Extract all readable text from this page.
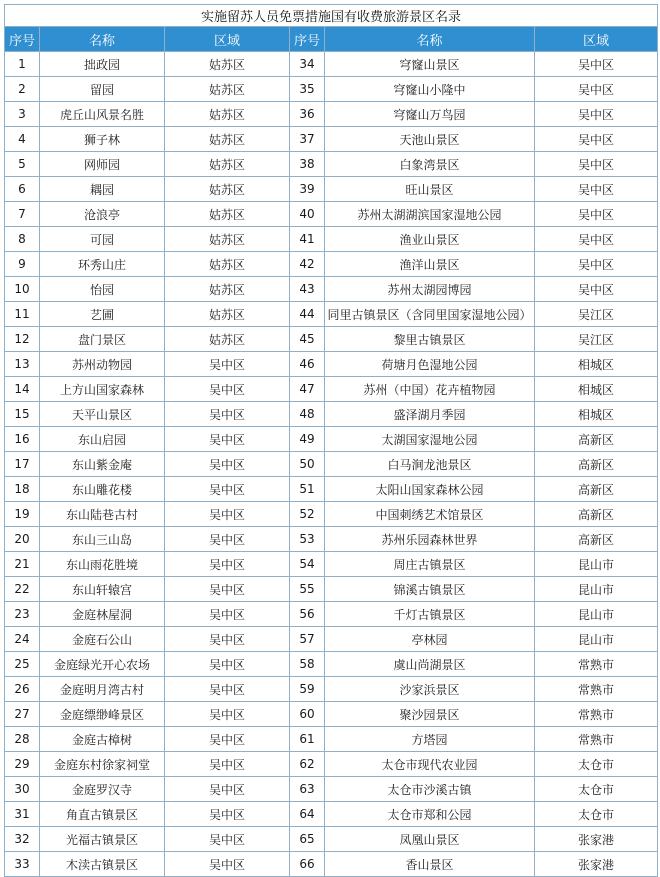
实施留苏人员免票措施国有收费旅游景区名录					
序号	名称	区域	序号	名称	区域
1	拙政园	姑苏区	34	穹窿山景区	吴中区
2	留园	姑苏区	35	穹窿山小隆中	吴中区
3	虎丘山风景名胜	姑苏区	36	穹窿山万鸟园	吴中区
4	狮子林	姑苏区	37	天池山景区	吴中区
5	网师园	姑苏区	38	白象湾景区	吴中区
6	耦园	姑苏区	39	旺山景区	吴中区
7	沧浪亭	姑苏区	40	苏州太湖湖滨国家湿地公园	吴中区
8	可园	姑苏区	41	渔业山景区	吴中区
9	环秀山庄	姑苏区	42	渔洋山景区	吴中区
10	怡园	姑苏区	43	苏州太湖园博园	吴中区
11	艺圃	姑苏区	44	同里古镇景区（含同里国家湿地公园）	吴江区
12	盘门景区	姑苏区	45	黎里古镇景区	吴江区
13	苏州动物园	吴中区	46	荷塘月色湿地公园	相城区
14	上方山国家森林	吴中区	47	苏州（中国）花卉植物园	相城区
15	天平山景区	吴中区	48	盛泽湖月季园	相城区
16	东山启园	吴中区	49	太湖国家湿地公园	高新区
17	东山紫金庵	吴中区	50	白马涧龙池景区	高新区
18	东山雕花楼	吴中区	51	太阳山国家森林公园	高新区
19	东山陆巷古村	吴中区	52	中国刺绣艺术馆景区	高新区
20	东山三山岛	吴中区	53	苏州乐园森林世界	高新区
21	东山雨花胜境	吴中区	54	周庄古镇景区	昆山市
22	东山轩辕宫	吴中区	55	锦溪古镇景区	昆山市
23	金庭林屋洞	吴中区	56	千灯古镇景区	昆山市
24	金庭石公山	吴中区	57	亭林园	昆山市
25	金庭绿光开心农场	吴中区	58	虞山尚湖景区	常熟市
26	金庭明月湾古村	吴中区	59	沙家浜景区	常熟市
27	金庭缥缈峰景区	吴中区	60	聚沙园景区	常熟市
28	金庭古樟树	吴中区	61	方塔园	常熟市
29	金庭东村徐家祠堂	吴中区	62	太仓市现代农业园	太仓市
30	金庭罗汉寺	吴中区	63	太仓市沙溪古镇	太仓市
31	角直古镇景区	吴中区	64	太仓市郑和公园	太仓市
32	光福古镇景区	吴中区	65	凤凰山景区	张家港
33	木渎古镇景区	吴中区	66	香山景区	张家港
